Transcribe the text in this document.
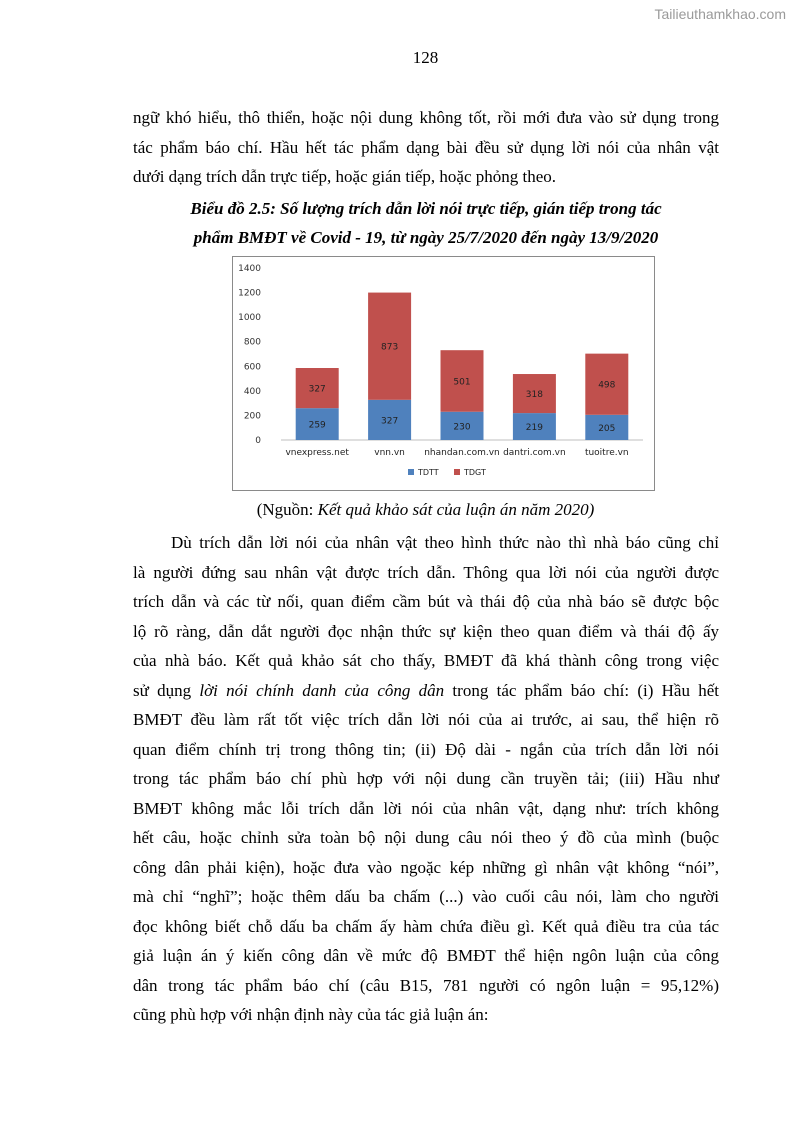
Tailieuthamkhao.com
128
ngữ khó hiểu, thô thiển, hoặc nội dung không tốt, rồi mới đưa vào sử dụng trong
tác phẩm báo chí. Hầu hết tác phẩm dạng bài đều sử dụng lời nói của nhân vật
dưới dạng trích dẫn trực tiếp, hoặc gián tiếp, hoặc phỏng theo.
Biểu đồ 2.5: Số lượng trích dẫn lời nói trực tiếp, gián tiếp trong tác
phẩm BMĐT về Covid - 19, từ ngày 25/7/2020 đến ngày 13/9/2020
0
200
400
600
800
1000
1200
1400
259
327
vnexpress.net
327
873
vnn.vn
230
501
nhandan.com.vn
219
318
dantri.com.vn
205
498
tuoitre.vn
TDTT	TDGT
(Nguồn: Kết quả khảo sát của luận án năm 2020)
Dù trích dẫn lời nói của nhân vật theo hình thức nào thì nhà báo cũng chỉ
là người đứng sau nhân vật được trích dẫn. Thông qua lời nói của người được
trích dẫn và các từ nối, quan điểm cầm bút và thái độ của nhà báo sẽ được bộc
lộ rõ ràng, dẫn dắt người đọc nhận thức sự kiện theo quan điểm và thái độ ấy
của nhà báo. Kết quả khảo sát cho thấy, BMĐT đã khá thành công trong việc
sử dụng lời nói chính danh của công dân trong tác phẩm báo chí: (i) Hầu hết
BMĐT đều làm rất tốt việc trích dẫn lời nói của ai trước, ai sau, thể hiện rõ
quan điểm chính trị trong thông tin; (ii) Độ dài - ngắn của trích dẫn lời nói
trong tác phẩm báo chí phù hợp với nội dung cần truyền tải; (iii) Hầu như
BMĐT không mắc lỗi trích dẫn lời nói của nhân vật, dạng như: trích không
hết câu, hoặc chỉnh sửa toàn bộ nội dung câu nói theo ý đồ của mình (buộc
công dân phải kiện), hoặc đưa vào ngoặc kép những gì nhân vật không “nói”,
mà chỉ “nghĩ”; hoặc thêm dấu ba chấm (...) vào cuối câu nói, làm cho người
đọc không biết chỗ dấu ba chấm ấy hàm chứa điều gì. Kết quả điều tra của tác
giả luận án ý kiến công dân về mức độ BMĐT thể hiện ngôn luận của công
dân trong tác phẩm báo chí (câu B15, 781 người có ngôn luận = 95,12%)
cũng phù hợp với nhận định này của tác giả luận án:
